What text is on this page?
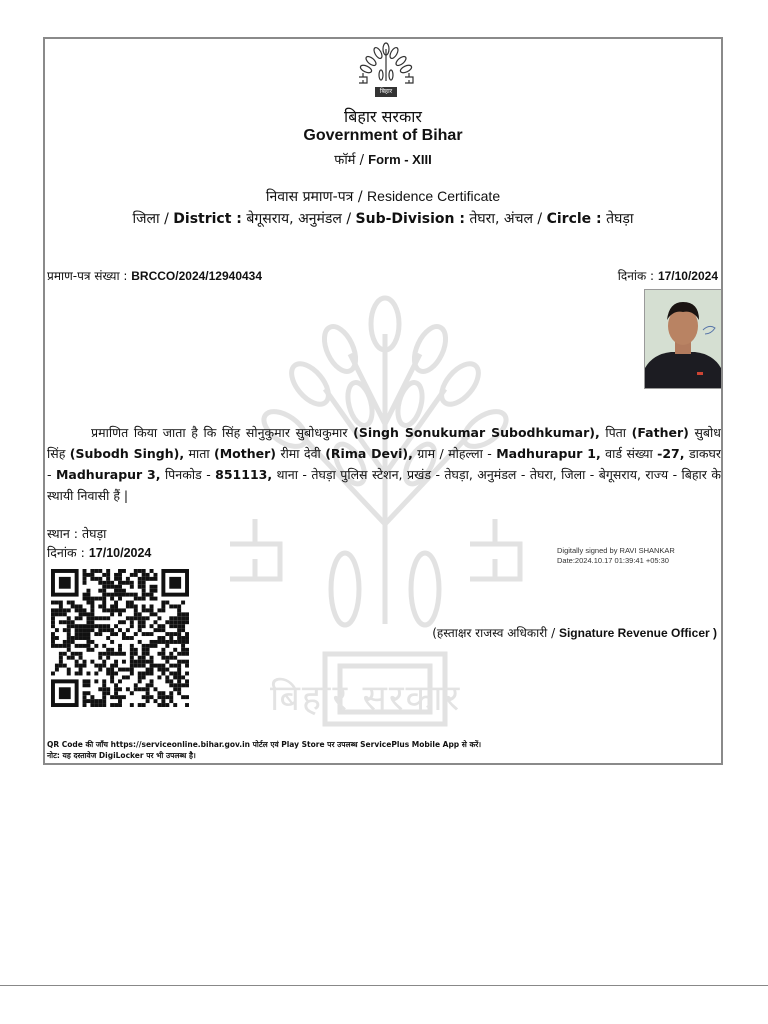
बिहार सरकार
बिहार
बिहार सरकार
Government of Bihar
फॉर्म / Form - XIII
निवास प्रमाण-पत्र / Residence Certificate
जिला / District : बेगूसराय, अनुमंडल / Sub-Division : तेघरा, अंचल / Circle : तेघड़ा
प्रमाण-पत्र संख्या : BRCCO/2024/12940434	दिनांक : 17/10/2024
प्रमाणित किया जाता है कि सिंह सोनुकुमार सुबोधकुमार (Singh Sonukumar Subodhkumar), पिता (Father) सुबोध सिंह (Subodh Singh), माता (Mother) रीमा देवी (Rima Devi), ग्राम / मोहल्ला - Madhurapur 1, वार्ड संख्या -27, डाकघर - Madhurapur 3, पिनकोड - 851113, थाना - तेघड़ा पुलिस स्टेशन, प्रखंड - तेघड़ा, अनुमंडल - तेघरा, जिला - बेगूसराय, राज्य - बिहार के स्थायी निवासी हैं |
स्थान : तेघड़ा
दिनांक : 17/10/2024	Digitally signed by RAVI SHANKAR
Date:2024.10.17 01:39:41 +05:30
(हस्ताक्षर राजस्व अधिकारी / Signature Revenue Officer )
QR Code की जाँच https://serviceonline.bihar.gov.in पोर्टल एवं Play Store पर उपलब्ध ServicePlus Mobile App से करें।
नोट: यह दस्तावेज DigiLocker पर भी उपलब्ध है।
